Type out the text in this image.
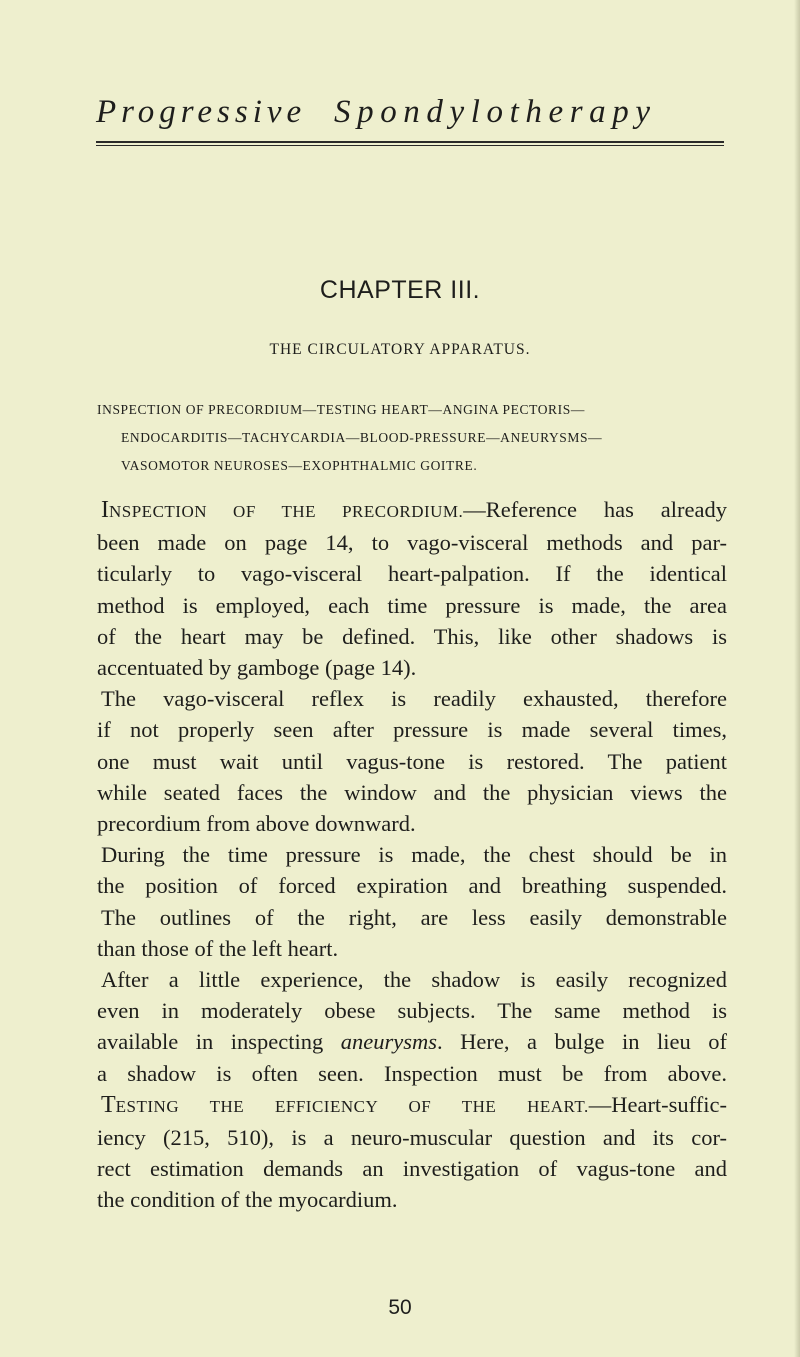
Progressive Spondylotherapy
CHAPTER III.
THE CIRCULATORY APPARATUS.
INSPECTION OF PRECORDIUM—TESTING HEART—ANGINA PECTORIS—
ENDOCARDITIS—TACHYCARDIA—BLOOD-PRESSURE—ANEURYSMS—
VASOMOTOR NEUROSES—EXOPHTHALMIC GOITRE.
INSPECTION OF THE PRECORDIUM.—Reference has already
been made on page 14, to vago-visceral methods and par-
ticularly to vago-visceral heart-palpation. If the identical
method is employed, each time pressure is made, the area
of the heart may be defined. This, like other shadows is
accentuated by gamboge (page 14).
The vago-visceral reflex is readily exhausted, therefore
if not properly seen after pressure is made several times,
one must wait until vagus-tone is restored. The patient
while seated faces the window and the physician views the
precordium from above downward.
During the time pressure is made, the chest should be in
the position of forced expiration and breathing suspended.
The outlines of the right, are less easily demonstrable
than those of the left heart.
After a little experience, the shadow is easily recognized
even in moderately obese subjects. The same method is
available in inspecting aneurysms. Here, a bulge in lieu of
a shadow is often seen. Inspection must be from above.
TESTING THE EFFICIENCY OF THE HEART.—Heart-suffic-
iency (215, 510), is a neuro-muscular question and its cor-
rect estimation demands an investigation of vagus-tone and
the condition of the myocardium.
50
